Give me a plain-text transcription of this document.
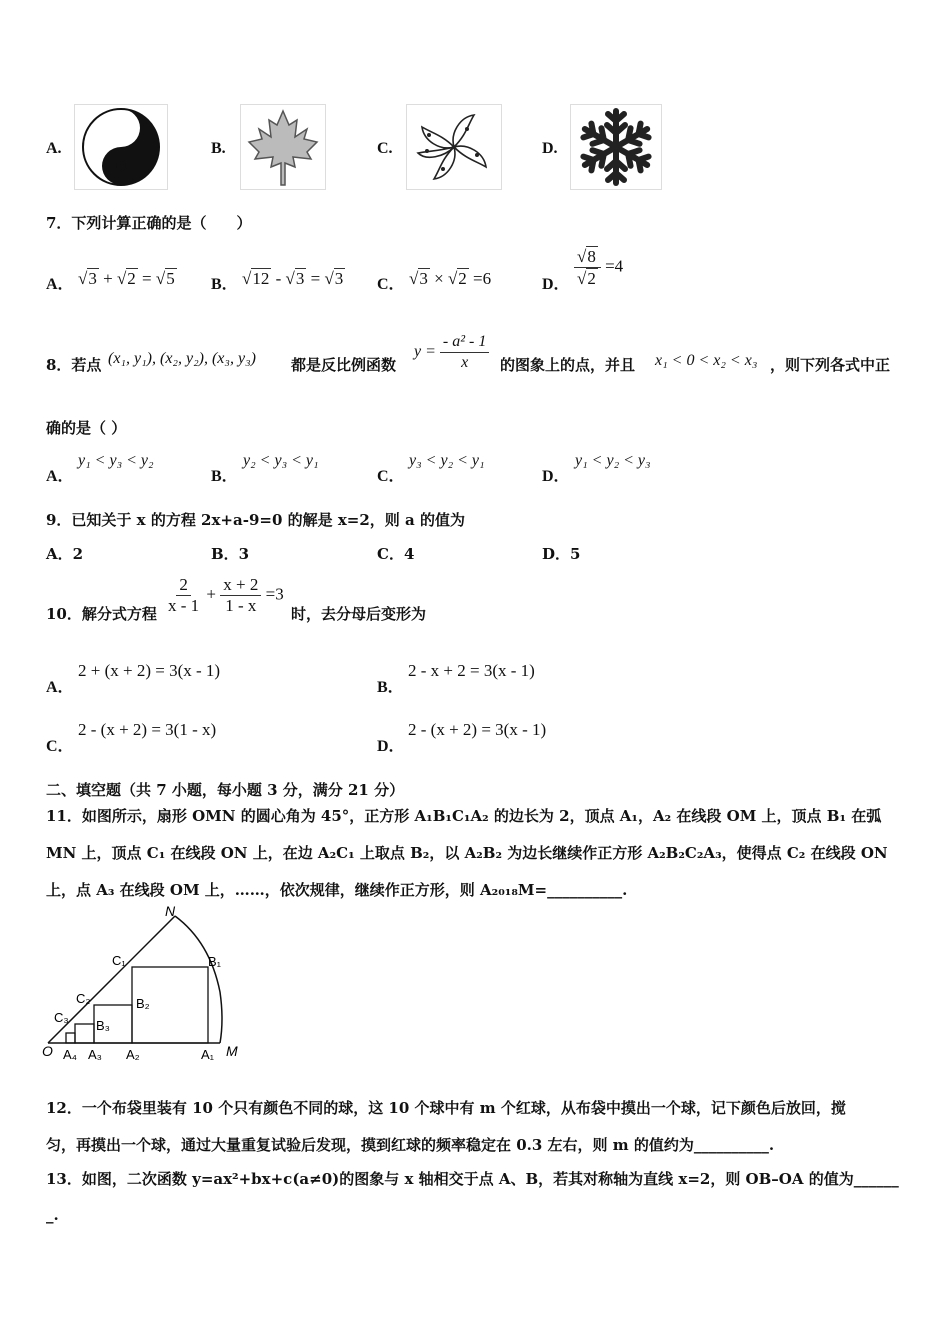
A.	B.	C.	D.
7．下列计算正确的是（　　）
A． √3 + √2 = √5 B． √12 - √3 = √3 C． √3 × √2 =6	D． $\frac{√8}{√2} =4$
8．若点 (x₁, y₁), (x₂, y₂), (x₃, y₃) 都是反比例函数
$y = \frac{\text{- a² - 1}}{x}$ 的图象上的点，并且 x₁ < 0 < x₂ < x₃ ，则下列各式中正
确的是（ ）
A．
y₁ < y₃ < y₂
B．
y₂ < y₃ < y₁
C．
y₃ < y₂ < y₁
D．
y₁ < y₂ < y₃
9．已知关于 x 的方程 2x+a-9=0 的解是 x=2，则 a 的值为
A．2	B．3	C．4	D．5
10．解分式方程 $\frac{2}{x - 1} + \frac{x + 2}{1 - x} =3$
时，去分母后变形为
A．
2 + (x + 2) = 3(x - 1)
B．
2 - x + 2 = 3(x - 1)
C．
2 - (x + 2) = 3(1 - x)
D．
2 - (x + 2) = 3(x - 1)
二、填空题（共 7 小题，每小题 3 分，满分 21 分）
11．如图所示，扇形 OMN 的圆心角为 45°，正方形 A₁B₁C₁A₂ 的边长为 2，顶点 A₁，A₂ 在线段 OM 上，顶点 B₁ 在弧
MN 上，顶点 C₁ 在线段 ON 上，在边 A₂C₁ 上取点 B₂，以 A₂B₂ 为边长继续作正方形 A₂B₂C₂A₃，使得点 C₂ 在线段 ON
上，点 A₃ 在线段 OM 上，……，依次规律，继续作正方形，则 A₂₀₁₈M=__________.
N
M
O
C₁
C₂
C₃
B₁
B₂
B₃
A₁
A₂
A₃
A₄
12．一个布袋里装有 10 个只有颜色不同的球，这 10 个球中有 m 个红球，从布袋中摸出一个球，记下颜色后放回，搅
匀，再摸出一个球，通过大量重复试验后发现，摸到红球的频率稳定在 0.3 左右，则 m 的值约为__________.
13．如图，二次函数 y=ax²+bx+c(a≠0)的图象与 x 轴相交于点 A、B，若其对称轴为直线 x=2，则 OB–OA 的值为______
_.
